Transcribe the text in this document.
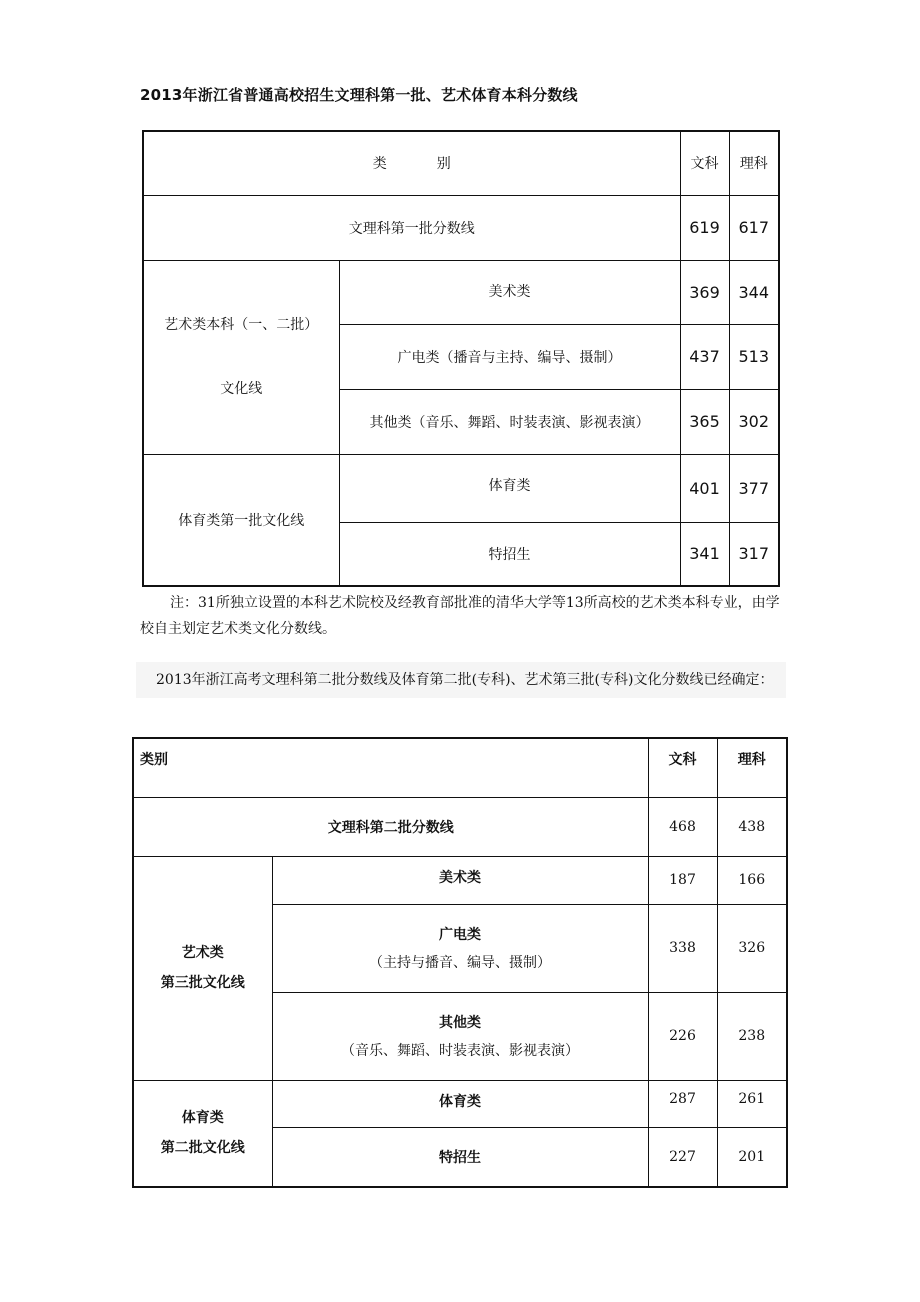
2013年浙江省普通高校招生文理科第一批、艺术体育本科分数线
类 别		文科	理科
文理科第一批分数线		619	617

艺术类本科（一、二批）
文化线	美术类	369	344
	广电类（播音与主持、编导、摄制）	437	513
	其他类（音乐、舞蹈、时装表演、影视表演）	365	302
体育类第一批文化线	体育类	401	377
	特招生	341	317
注：31所独立设置的本科艺术院校及经教育部批准的清华大学等13所高校的艺术类本科专业，由学校自主划定艺术类文化分数线。
2013年浙江高考文理科第二批分数线及体育第二批(专科)、艺术第三批(专科)文化分数线已经确定：
类别		文科	理科
文理科第二批分数线		468	438

艺术类
第三批文化线	美术类	187	166
	广电类
（主持与播音、编导、摄制）	338	326
	其他类
（音乐、舞蹈、时装表演、影视表演）	226	238

体育类
第二批文化线	体育类	287	261
	特招生	227	201
